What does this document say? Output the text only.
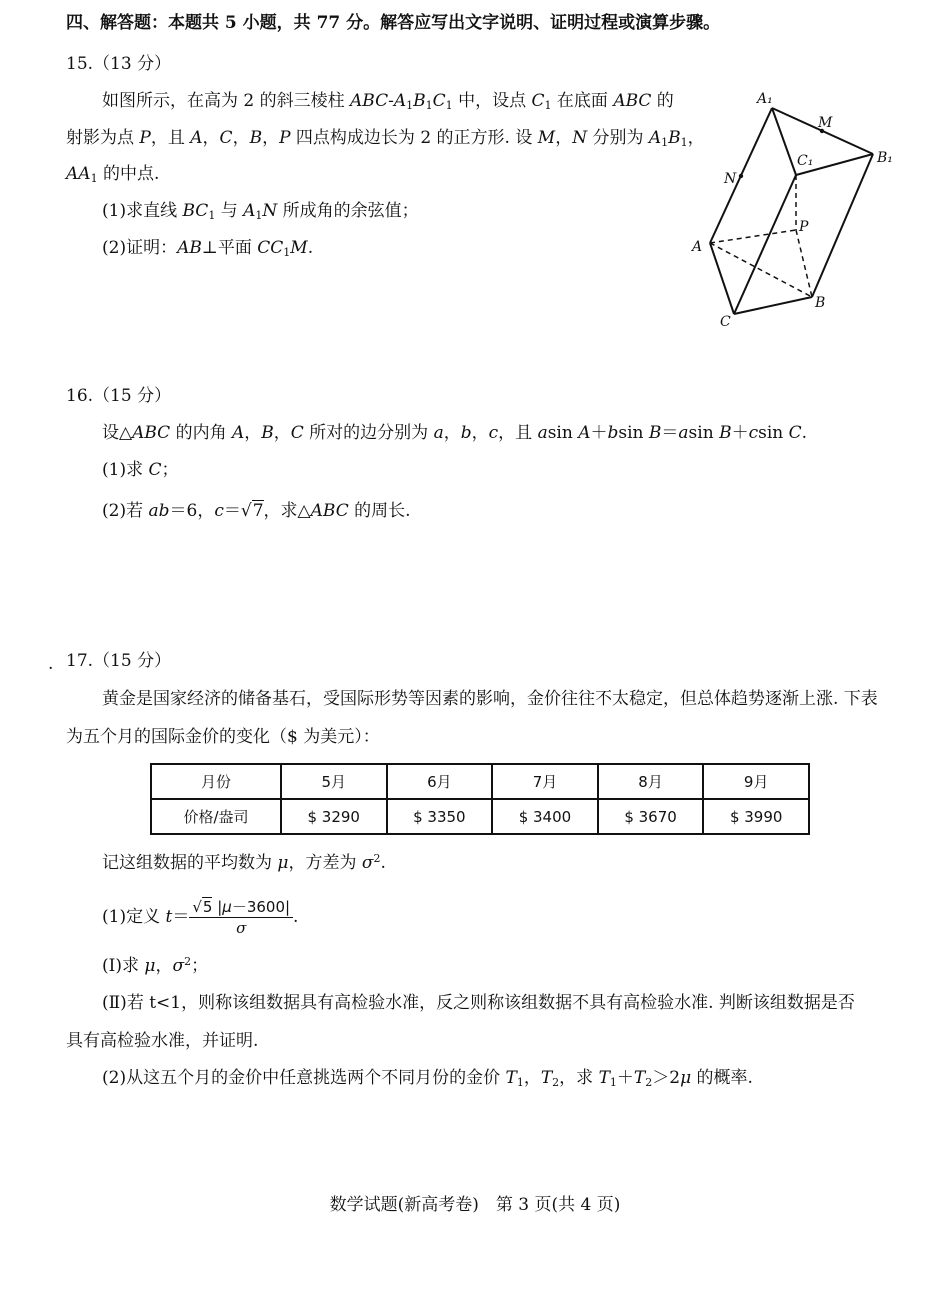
四、解答题：本题共 5 小题，共 77 分。解答应写出文字说明、证明过程或演算步骤。
15.（13 分）
如图所示，在高为 2 的斜三棱柱 ABC-$A_1B_1C_1$ 中，设点 $C_1$ 在底面 ABC 的
射影为点 P，且 A，C，B，P 四点构成边长为 2 的正方形. 设 M，N 分别为 $A_1B_1$，
$AA_1$ 的中点.
(1)求直线 $BC_1$ 与 $A_1N$ 所成角的余弦值；
(2)证明：AB⊥平面 $CC_1M$.
A₁
M
B₁
C₁
N
P
A
B
C
16.（15 分）
设△ABC 的内角 A，B，C 所对的边分别为 a，b，c，且 asin A＋bsin B＝asin B＋csin C.
(1)求 C；
(2)若 ab＝6，c＝√7，求△ABC 的周长.
. 17.（15 分）
黄金是国家经济的储备基石，受国际形势等因素的影响，金价往往不太稳定，但总体趋势逐渐上涨. 下表
为五个月的国际金价的变化（$ 为美元）：
月份	5月	6月	7月	8月	9月
价格/盎司	$ 3290	$ 3350	$ 3400	$ 3670	$ 3990
记这组数据的平均数为 μ，方差为 $\sigma^2$.
(1)定义 $t= \frac{√5 |\mu-3600|}{\sigma}$ .
(Ⅰ)求 μ，$\sigma^2$；
(Ⅱ)若 t<1，则称该组数据具有高检验水准，反之则称该组数据不具有高检验水准. 判断该组数据是否
具有高检验水准，并证明.
(2)从这五个月的金价中任意挑选两个不同月份的金价 $T_1$，$T_2$，求 $T_1+T_2>2\mu$ 的概率.
数学试题(新高考卷)　第 3 页(共 4 页)
